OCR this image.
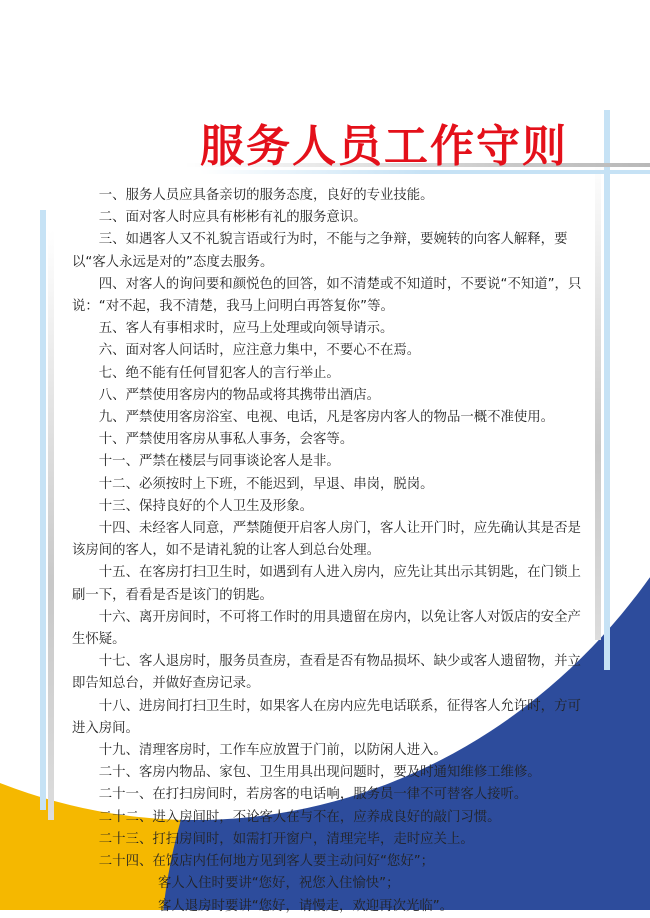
服务人员工作守则

一、服务人员应具备亲切的服务态度，良好的专业技能。

二、面对客人时应具有彬彬有礼的服务意识。

三、如遇客人又不礼貌言语或行为时，不能与之争辩，要婉转的向客人解释，要以“客人永远是对的”态度去服务。

四、对客人的询问要和颜悦色的回答，如不清楚或不知道时，不要说“不知道”，只说：“对不起，我不清楚，我马上问明白再答复你”等。

五、客人有事相求时，应马上处理或向领导请示。

六、面对客人问话时，应注意力集中，不要心不在焉。

七、绝不能有任何冒犯客人的言行举止。

八、严禁使用客房内的物品或将其携带出酒店。

九、严禁使用客房浴室、电视、电话，凡是客房内客人的物品一概不准使用。

十、严禁使用客房从事私人事务，会客等。

十一、严禁在楼层与同事谈论客人是非。

十二、必须按时上下班，不能迟到，早退、串岗，脱岗。

十三、保持良好的个人卫生及形象。

十四、未经客人同意，严禁随便开启客人房门，客人让开门时，应先确认其是否是该房间的客人，如不是请礼貌的让客人到总台处理。

十五、在客房打扫卫生时，如遇到有人进入房内，应先让其出示其钥匙，在门锁上刷一下，看看是否是该门的钥匙。

十六、离开房间时，不可将工作时的用具遗留在房内，以免让客人对饭店的安全产生怀疑。

十七、客人退房时，服务员查房，查看是否有物品损坏、缺少或客人遗留物，并立即告知总台，并做好查房记录。

十八、进房间打扫卫生时，如果客人在房内应先电话联系，征得客人允许时，方可进入房间。

十九、清理客房时，工作车应放置于门前，以防闲人进入。

二十、客房内物品、家包、卫生用具出现问题时，要及时通知维修工维修。

二十一、在打扫房间时，若房客的电话响，服务员一律不可替客人接听。

二十二、进入房间时，不论客人在与不在，应养成良好的敲门习惯。

二十三、打扫房间时，如需打开窗户，清理完毕，走时应关上。

二十四、在饭店内任何地方见到客人要主动问好“您好”；

客人入住时要讲“您好，祝您入住愉快”；

客人退房时要讲“您好，请慢走，欢迎再次光临”。
